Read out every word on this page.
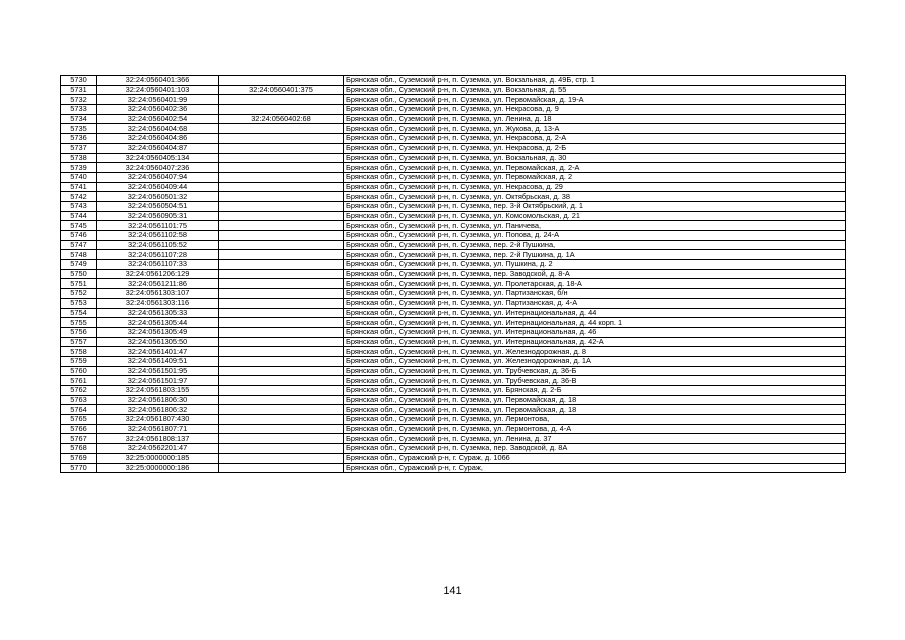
5730	32:24:0560401:366		Брянская обл., Суземский р-н, п. Суземка, ул. Вокзальная, д. 49Б, стр. 1
5731	32:24:0560401:103	32:24:0560401:375	Брянская обл., Суземский р-н, п. Суземка, ул. Вокзальная, д. 55
5732	32:24:0560401:99		Брянская обл., Суземский р-н, п. Суземка, ул. Первомайская, д. 19-А
5733	32:24:0560402:36		Брянская обл., Суземский р-н, п. Суземка, ул. Некрасова, д. 9
5734	32:24:0560402:54	32:24:0560402:68	Брянская обл., Суземский р-н, п. Суземка, ул. Ленина, д. 18
5735	32:24:0560404:68		Брянская обл., Суземский р-н, п. Суземка, ул. Жукова, д. 13-А
5736	32:24:0560404:86		Брянская обл., Суземский р-н, п. Суземка, ул. Некрасова, д. 2-А
5737	32:24:0560404:87		Брянская обл., Суземский р-н, п. Суземка, ул. Некрасова, д. 2-Б
5738	32:24:0560405:134		Брянская обл., Суземский р-н, п. Суземка, ул. Вокзальная, д. 30
5739	32:24:0560407:236		Брянская обл., Суземский р-н, п. Суземка, ул. Первомайская, д. 2-А
5740	32:24:0560407:94		Брянская обл., Суземский р-н, п. Суземка, ул. Первомайская, д. 2
5741	32:24:0560409:44		Брянская обл., Суземский р-н, п. Суземка, ул. Некрасова, д. 29
5742	32:24:0560501:32		Брянская обл., Суземский р-н, п. Суземка, ул. Октябрьская, д. 38
5743	32:24:0560504:51		Брянская обл., Суземский р-н, п. Суземка, пер. 3-й Октябрьский, д. 1
5744	32:24:0560905:31		Брянская обл., Суземский р-н, п. Суземка, ул. Комсомольская, д. 21
5745	32:24:0561101:75		Брянская обл., Суземский р-н, п. Суземка, ул. Паничева,
5746	32:24:0561102:58		Брянская обл., Суземский р-н, п. Суземка, ул. Попова, д. 24-А
5747	32:24:0561105:52		Брянская обл., Суземский р-н, п. Суземка, пер. 2-й Пушкина,
5748	32:24:0561107:28		Брянская обл., Суземский р-н, п. Суземка, пер. 2-й Пушкина, д. 1А
5749	32:24:0561107:33		Брянская обл., Суземский р-н, п. Суземка, ул. Пушкина, д. 2
5750	32:24:0561206:129		Брянская обл., Суземский р-н, п. Суземка, пер. Заводской, д. 8-А
5751	32:24:0561211:86		Брянская обл., Суземский р-н, п. Суземка, ул. Пролетарская, д. 18-А
5752	32:24:0561303:107		Брянская обл., Суземский р-н, п. Суземка, ул. Партизанская, б/н
5753	32:24:0561303:116		Брянская обл., Суземский р-н, п. Суземка, ул. Партизанская, д. 4-А
5754	32:24:0561305:33		Брянская обл., Суземский р-н, п. Суземка, ул. Интернациональная, д. 44
5755	32:24:0561305:44		Брянская обл., Суземский р-н, п. Суземка, ул. Интернациональная, д. 44 корп. 1
5756	32:24:0561305:49		Брянская обл., Суземский р-н, п. Суземка, ул. Интернациональная, д. 46
5757	32:24:0561305:50		Брянская обл., Суземский р-н, п. Суземка, ул. Интернациональная, д. 42-А
5758	32:24:0561401:47		Брянская обл., Суземский р-н, п. Суземка, ул. Железнодорожная, д. 8
5759	32:24:0561409:51		Брянская обл., Суземский р-н, п. Суземка, ул. Железнодорожная, д. 1А
5760	32:24:0561501:95		Брянская обл., Суземский р-н, п. Суземка, ул. Трубчевская, д. 36-Б
5761	32:24:0561501:97		Брянская обл., Суземский р-н, п. Суземка, ул. Трубчевская, д. 36-В
5762	32:24:0561803:155		Брянская обл., Суземский р-н, п. Суземка, ул. Брянская, д. 2-Б
5763	32:24:0561806:30		Брянская обл., Суземский р-н, п. Суземка, ул. Первомайская, д. 18
5764	32:24:0561806:32		Брянская обл., Суземский р-н, п. Суземка, ул. Первомайская, д. 18
5765	32:24:0561807:430		Брянская обл., Суземский р-н, п. Суземка, ул. Лермонтова,
5766	32:24:0561807:71		Брянская обл., Суземский р-н, п. Суземка, ул. Лермонтова, д. 4-А
5767	32:24:0561808:137		Брянская обл., Суземский р-н, п. Суземка, ул. Ленина, д. 37
5768	32:24:0562201:47		Брянская обл., Суземский р-н, п. Суземка, пер. Заводской, д. 8А
5769	32:25:0000000:185		Брянская обл., Суражский р-н, г. Сураж, д. 1066
5770	32:25:0000000:186		Брянская обл., Суражский р-н, г. Сураж,
141
